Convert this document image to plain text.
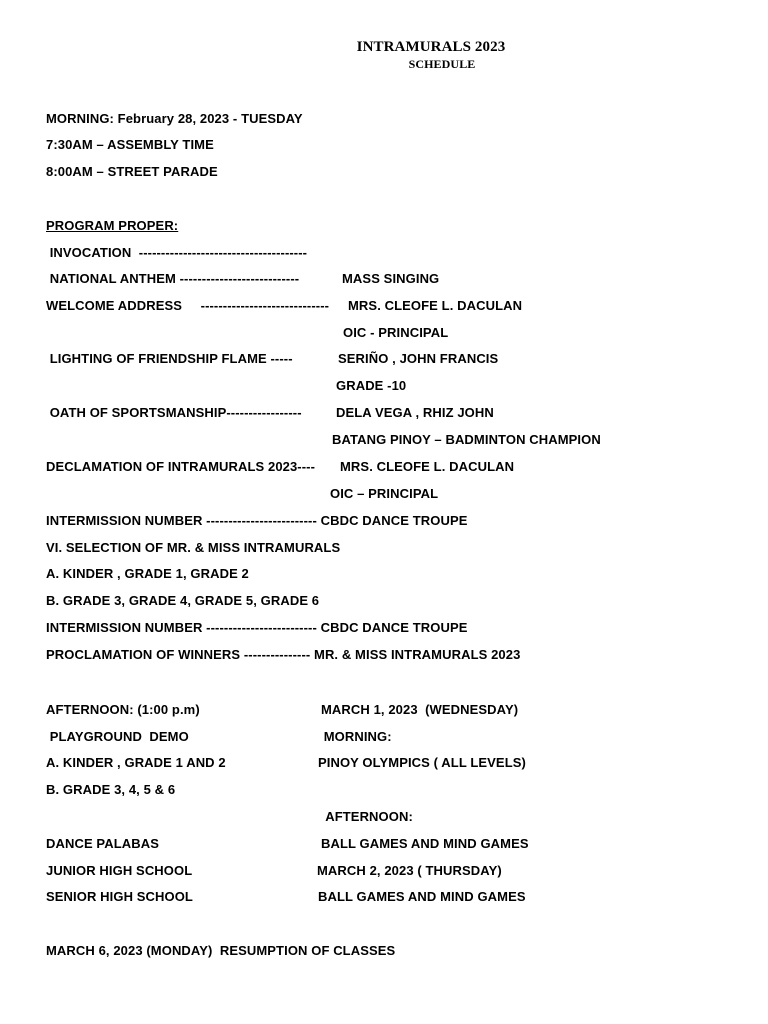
INTRAMURALS 2023
SCHEDULE
MORNING: February 28, 2023 - TUESDAY
7:30AM – ASSEMBLY TIME
8:00AM – STREET PARADE
PROGRAM PROPER:
INVOCATION  --------------------------------------
NATIONAL ANTHEM ---------------------------	MASS SINGING
WELCOME ADDRESS     ----------------------------- MRS. CLEOFE L. DACULAN
OIC - PRINCIPAL
LIGHTING OF FRIENDSHIP FLAME -----	SERIÑO , JOHN FRANCIS
GRADE -10
OATH OF SPORTSMANSHIP-----------------	DELA VEGA , RHIZ JOHN
BATANG PINOY – BADMINTON CHAMPION
DECLAMATION OF INTRAMURALS 2023---- MRS. CLEOFE L. DACULAN
OIC – PRINCIPAL
INTERMISSION NUMBER ------------------------- CBDC DANCE TROUPE
VI. SELECTION OF MR. & MISS INTRAMURALS
A. KINDER , GRADE 1, GRADE 2
B. GRADE 3, GRADE 4, GRADE 5, GRADE 6
INTERMISSION NUMBER ------------------------- CBDC DANCE TROUPE
PROCLAMATION OF WINNERS --------------- MR. & MISS INTRAMURALS 2023
AFTERNOON: (1:00 p.m)	MARCH 1, 2023  (WEDNESDAY)
PLAYGROUND  DEMO	MORNING:
A. KINDER , GRADE 1 AND 2	PINOY OLYMPICS ( ALL LEVELS)
B. GRADE 3, 4, 5 & 6
AFTERNOON:
DANCE PALABAS	BALL GAMES AND MIND GAMES
JUNIOR HIGH SCHOOL	MARCH 2, 2023 ( THURSDAY)
SENIOR HIGH SCHOOL	BALL GAMES AND MIND GAMES
MARCH 6, 2023 (MONDAY)  RESUMPTION OF CLASSES
